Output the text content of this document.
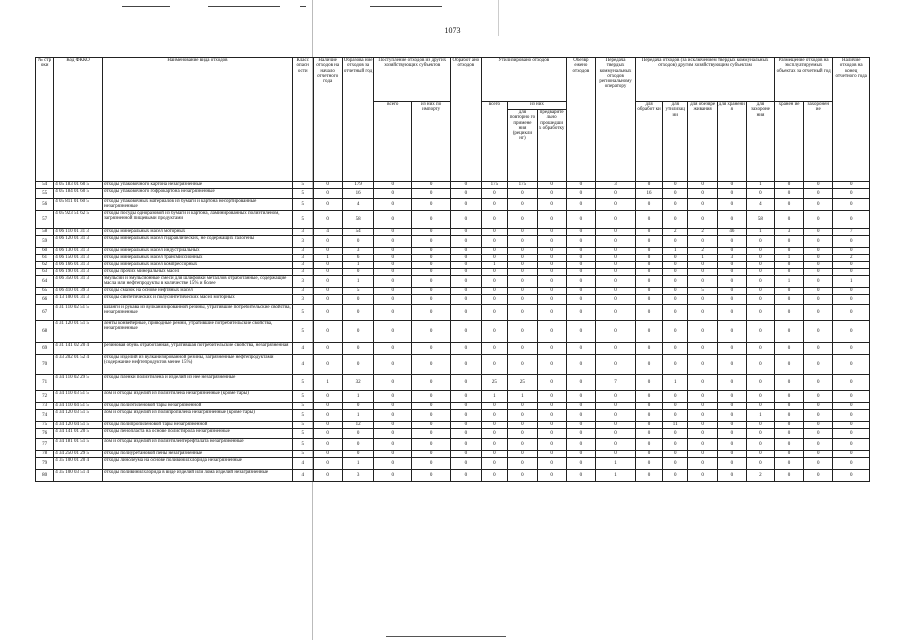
1073
№ стр оки	Код ФККО	Наименование вида отходов	Класс опасн ости	Наличие отходов на начало отчетного года	Образова ние отходов за отчетный год	Поступление отходов из других хозяйствующих субъектов		Обработ ано отходов	Утилизировано отходов			Обезвр ежено отходов	Передача твердых коммунальных отходов региональному оператору	Передача отходов (за исключением твердых коммунальных отходов) другим хозяйствующим субъектам					Размещение отходов на эксплуатируемых объектах за отчетный год		Наличие отходов на конец отчетного года
						всего	из них по импорту		всего	из них				для обработ ки	для утилизац ии	для обезвре живания	для хранени я	для захороне ния	хранен ие	захоронен ие	
										для повторно го примене ния (рецикли нг)	предварите льно прошедши х обработку										
54	4 05 183 01 60 5	отходы упаковочного картона незагрязненные	5	0	179	0	0	0	175	175	0	0	3	0	0	0	0	1	0	0	0
55	4 05 184 01 60 5	отходы упаковочного гофрокартона незагрязненные	5	0	16	0	0	0	0	0	0	0	0	16	0	0	0	0	0	0	0
56	4 05 811 01 60 5	отходы упаковочных материалов из бумаги и картона несортированные незагрязненные	5	0	4	0	0	0	0	0	0	0	0	0	0	0	0	4	0	0	0
57	4 05 923 51 62 5	отходы посуды одноразовой из бумаги и картона, ламинированных полиэтиленом, загрязненной пищевыми продуктами	5	0	58	0	0	0	0	0	0	0	0	0	0	0	0	58	0	0	0
58	4 06 110 01 31 3	отходы минеральных масел моторных	3	4	54	0	0	0	0	0	0	0	0	0	2	2	46	1	3	0	7
59	4 06 120 01 31 3	отходы минеральных масел гидравлических, не содержащих галогены	3	0	0	0	0	0	0	0	0	0	0	0	0	0	0	0	0	0	0
60	4 06 130 01 31 3	отходы минеральных масел индустриальных	3	0	3	0	0	0	0	0	0	0	0	0	1	2	0	0	0	0	0
61	4 06 150 01 31 3	отходы минеральных масел трансмиссионных	3	1	6	0	0	0	0	0	0	0	0	0	0	1	3	0	1	0	2
62	4 06 166 01 31 3	отходы минеральных масел компрессорных	3	0	1	0	0	0	1	0	0	0	0	0	0	0	0	0	0	0	0
63	4 06 190 01 31 3	отходы прочих минеральных масел	3	0	0	0	0	0	0	0	0	0	0	0	0	0	0	0	0	0	0
64	4 06 350 01 31 3	эмульсии и эмульсионные смеси для шлифовки металлов отработанные, содержащие масла или нефтепродукты в количестве 15% и более	3	0	1	0	0	0	0	0	0	0	0	0	0	0	0	0	1	0	1
65	4 06 410 01 39 3	отходы смазок на основе нефтяных масел	3	0	5	0	0	0	0	0	0	0	0	0	0	5	0	0	0	0	0
66	4 13 100 01 31 3	отходы синтетических и полусинтетических масел моторных	3	0	0	0	0	0	0	0	0	0	0	0	0	0	0	0	0	0	0
67	4 31 110 02 51 5	шланги и рукава из вулканизированной резины, утратившие потребительские свойства, незагрязненные	5	0	0	0	0	0	0	0	0	0	0	0	0	0	0	0	0	0	0
68	4 31 120 01 51 5	ленты конвейерные, приводные ремни, утратившие потребительские свойства, незагрязненные	5	0	0	0	0	0	0	0	0	0	0	0	0	0	0	0	0	0	0
69	4 31 141 02 20 4	резиновая обувь отработанная, утратившая потребительские свойства, незагрязненная	4	0	0	0	0	0	0	0	0	0	0	0	0	0	0	0	0	0	0
70	4 33 202 01 52 4	отходы изделий из вулканизированной резины, загрязнённые нефтепродуктами (содержание нефтепродуктов менее 15%)	4	0	0	0	0	0	0	0	0	0	0	0	0	0	0	0	0	0	0
71	4 34 110 02 29 5	отходы пленки полиэтилена и изделий из нее незагрязненные	5	1	32	0	0	0	25	25	0	0	7	0	1	0	0	0	0	0	0
72	4 34 110 03 51 5	лом и отходы изделий из полиэтилена незагрязненные (кроме тары)	5	0	1	0	0	0	1	1	0	0	0	0	0	0	0	0	0	0	0
73	4 34 110 04 51 5	отходы полиэтиленовой тары незагрязненной	5	0	0	0	0	0	0	0	0	0	0	0	0	0	0	0	0	0	0
74	4 34 120 03 51 5	лом и отходы изделий из полипропилена незагрязненные (кроме тары)	5	0	1	0	0	0	0	0	0	0	0	0	0	0	0	1	0	0	0
75	4 34 120 04 51 5	отходы полипропиленовой тары незагрязненной	5	0	12	0	0	0	0	0	0	0	0	0	11	0	0	0	0	0	0
76	4 34 141 01 20 5	отходы пенопласта на основе полистирола незагрязненные	5	0	0	0	0	0	0	0	0	0	0	0	0	0	0	0	0	0	0
77	4 34 181 01 51 5	лом и отходы изделий из полиэтилентерефталата незагрязненные	5	0	0	0	0	0	0	0	0	0	0	0	0	0	0	0	0	0	0
78	4 34 250 01 29 5	отходы полиуретановой пены незагрязненные	5	0	0	0	0	0	0	0	0	0	0	0	0	0	0	0	0	0	0
79	4 35 100 01 20 4	отходы линолеума на основе поливинилхлорида незагрязненные	4	0	1	0	0	0	0	0	0	0	1	0	0	0	0	0	0	0	0
80	4 35 100 03 51 4	отходы поливинилхлорида в виде изделий или лома изделий незагрязненные	4	0	3	0	0	0	0	0	0	0	1	0	0	0	0	2	0	0	0
